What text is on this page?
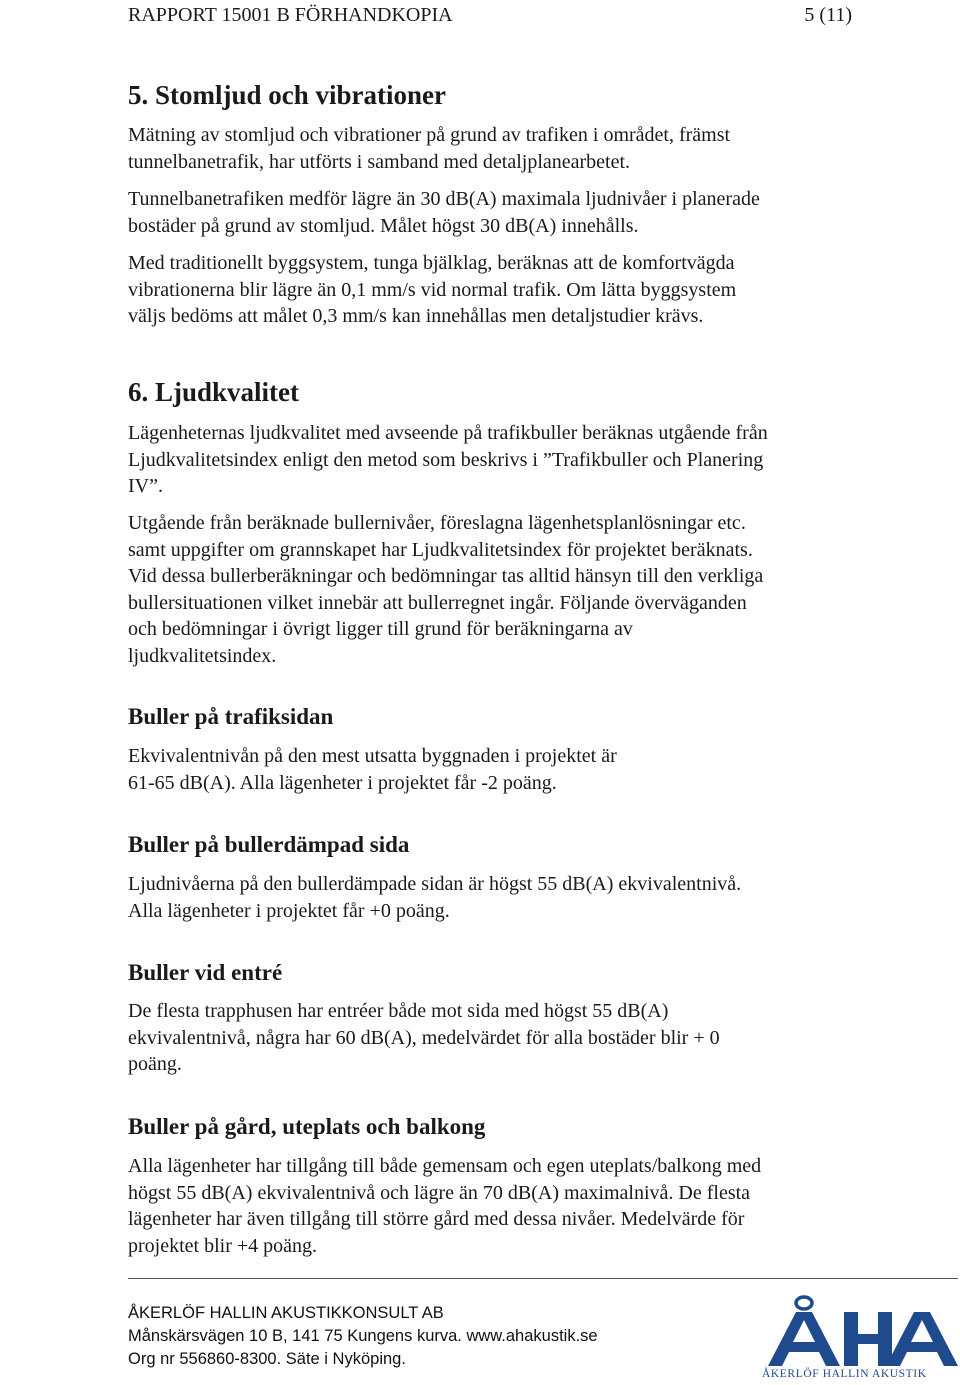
RAPPORT 15001 B FÖRHANDKOPIA	5 (11)
5. Stomljud och vibrationer
Mätning av stomljud och vibrationer på grund av trafiken i området, främst
tunnelbanetrafik, har utförts i samband med detaljplanearbetet.
Tunnelbanetrafiken medför lägre än 30 dB(A) maximala ljudnivåer i planerade
bostäder på grund av stomljud. Målet högst 30 dB(A) innehålls.
Med traditionellt byggsystem, tunga bjälklag, beräknas att de komfortvägda
vibrationerna blir lägre än 0,1 mm/s vid normal trafik. Om lätta byggsystem
väljs bedöms att målet 0,3 mm/s kan innehållas men detaljstudier krävs.
6. Ljudkvalitet
Lägenheternas ljudkvalitet med avseende på trafikbuller beräknas utgående från
Ljudkvalitetsindex enligt den metod som beskrivs i ”Trafikbuller och Planering
IV”.
Utgående från beräknade bullernivåer, föreslagna lägenhetsplanlösningar etc.
samt uppgifter om grannskapet har Ljudkvalitetsindex för projektet beräknats.
Vid dessa bullerberäkningar och bedömningar tas alltid hänsyn till den verkliga
bullersituationen vilket innebär att bullerregnet ingår. Följande överväganden
och bedömningar i övrigt ligger till grund för beräkningarna av
ljudkvalitetsindex.
Buller på trafiksidan
Ekvivalentnivån på den mest utsatta byggnaden i projektet är
61-65 dB(A). Alla lägenheter i projektet får -2 poäng.
Buller på bullerdämpad sida
Ljudnivåerna på den bullerdämpade sidan är högst 55 dB(A) ekvivalentnivå.
Alla lägenheter i projektet får +0 poäng.
Buller vid entré
De flesta trapphusen har entréer både mot sida med högst 55 dB(A)
ekvivalentnivå, några har 60 dB(A), medelvärdet för alla bostäder blir + 0
poäng.
Buller på gård, uteplats och balkong
Alla lägenheter har tillgång till både gemensam och egen uteplats/balkong med
högst 55 dB(A) ekvivalentnivå och lägre än 70 dB(A) maximalnivå. De flesta
lägenheter har även tillgång till större gård med dessa nivåer. Medelvärde för
projektet blir +4 poäng.
ÅKERLÖF HALLIN AKUSTIKKONSULT AB
Månskärsvägen 10 B, 141 75 Kungens kurva. www.ahakustik.se
Org nr 556860-8300. Säte i Nyköping.
ÅKERLÖF HALLIN AKUSTIK
